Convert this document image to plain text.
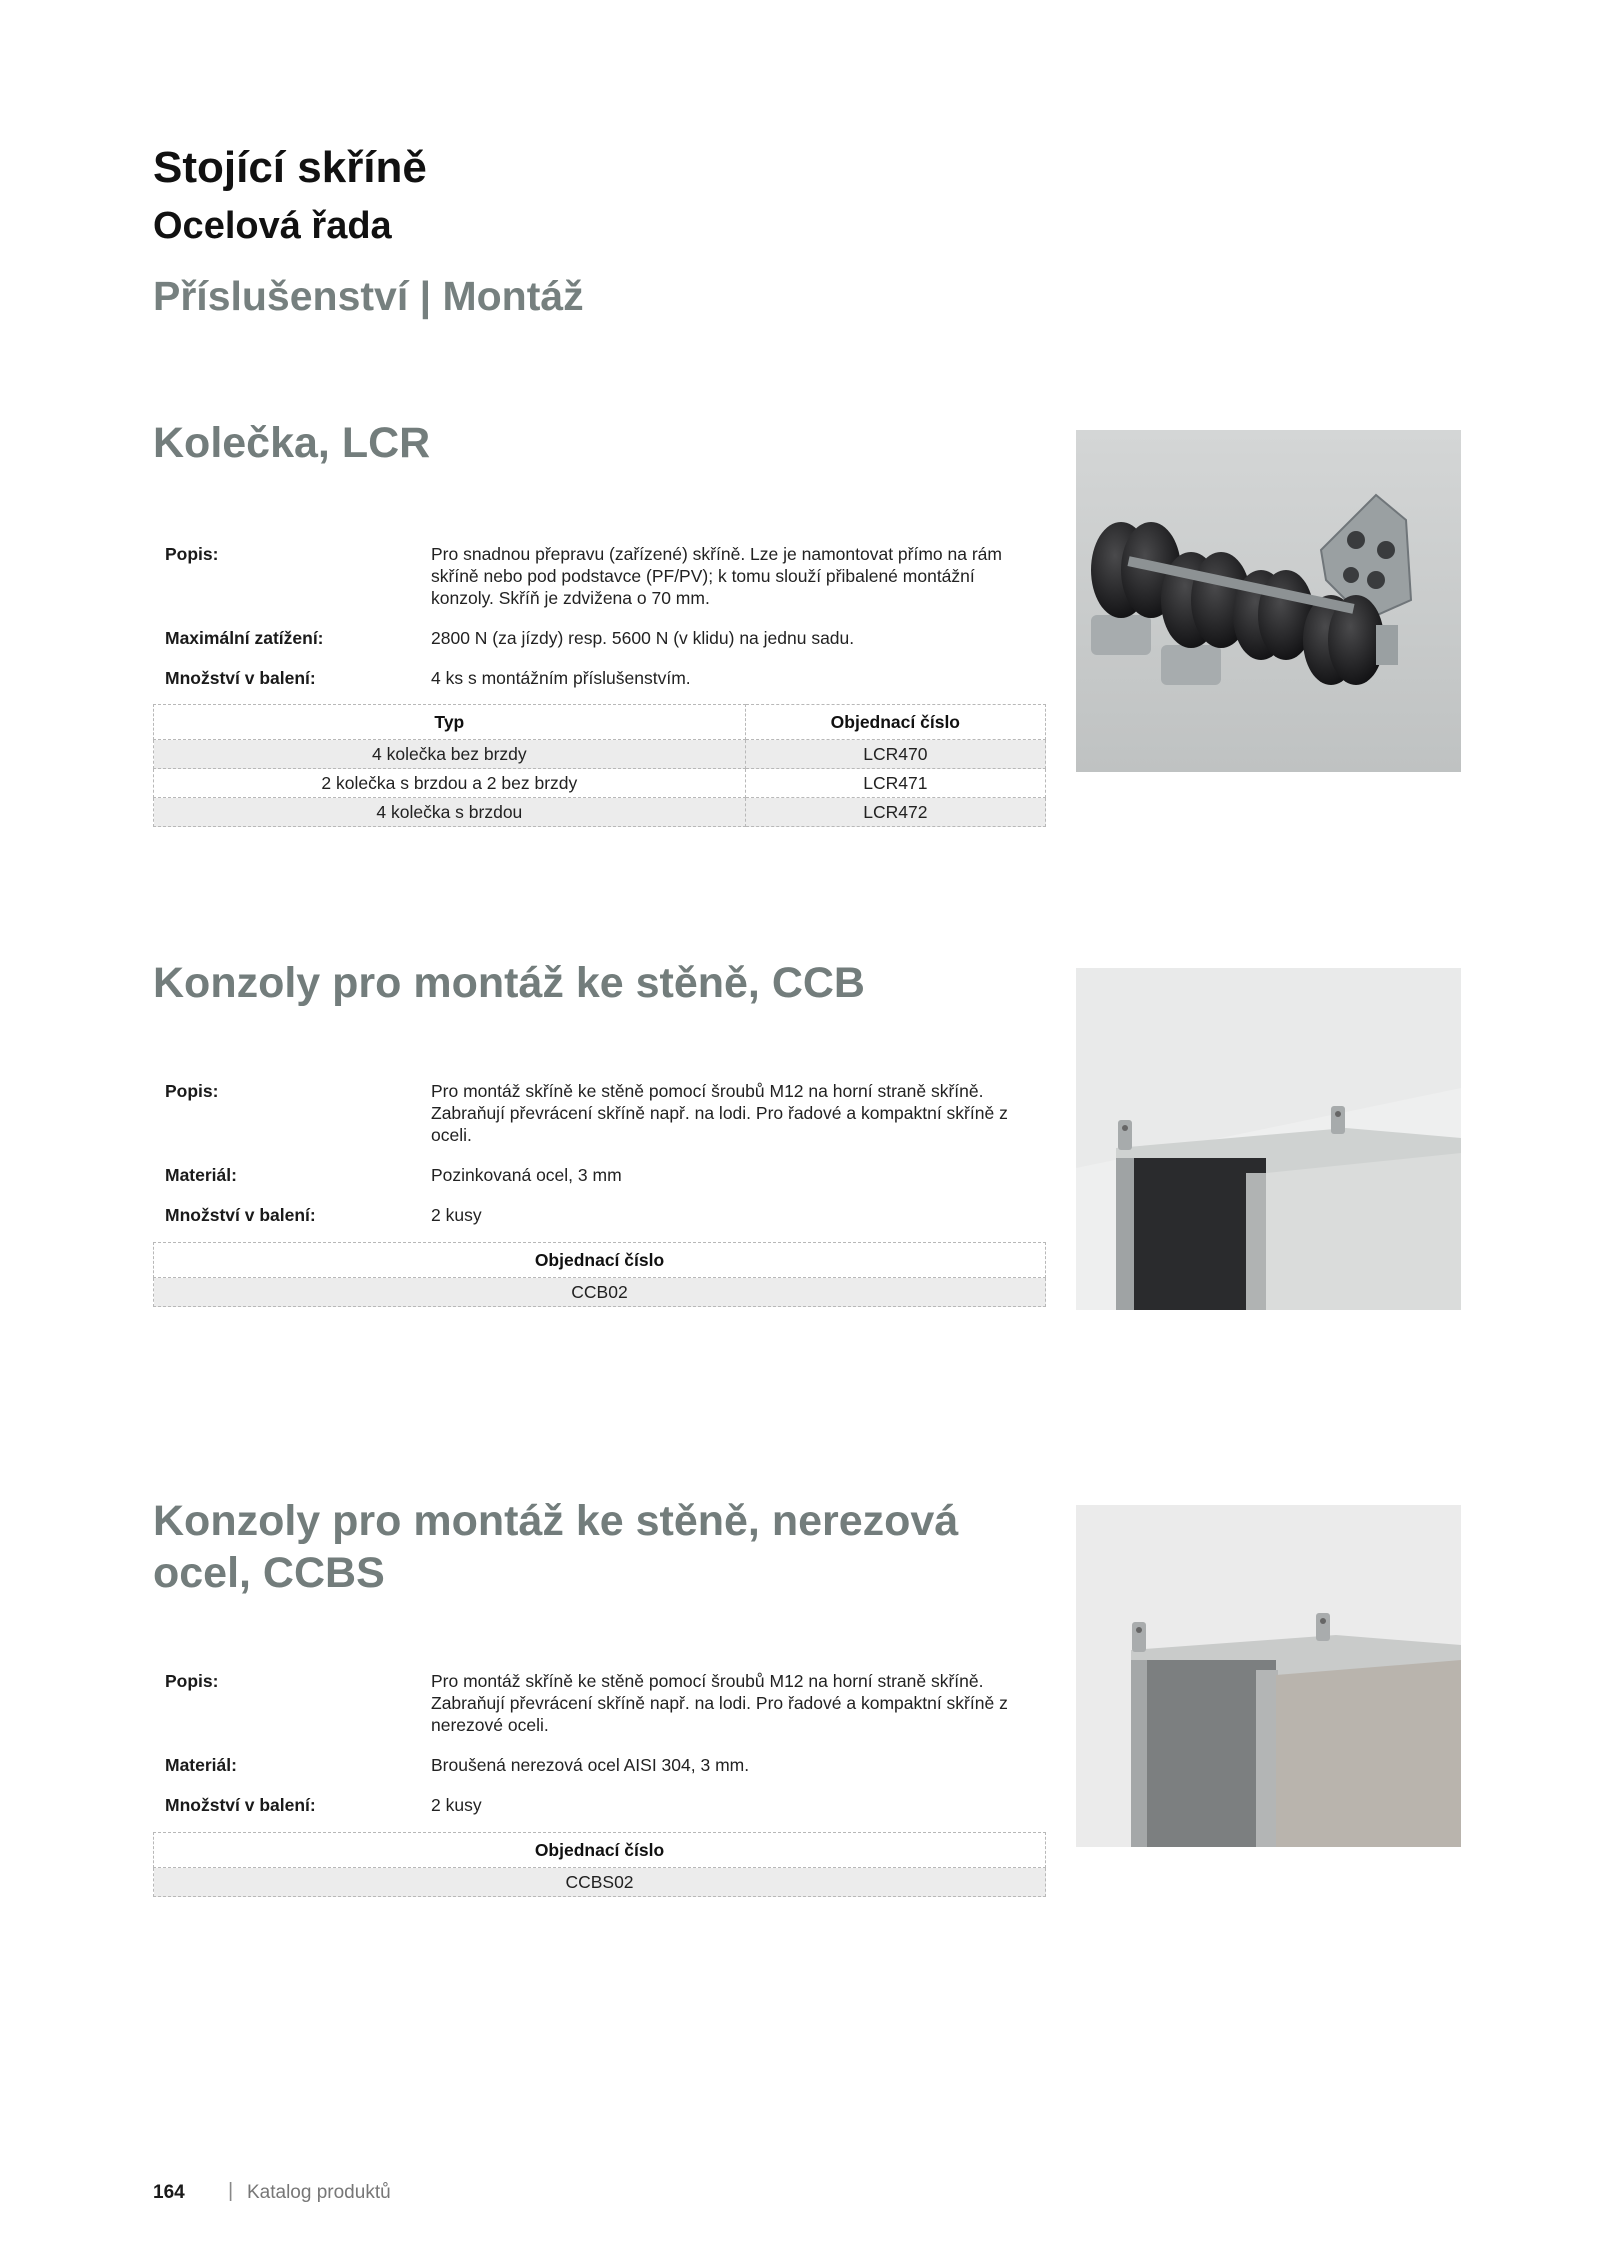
Stojící skříně
Ocelová řada
Příslušenství | Montáž
Kolečka, LCR
Popis:	Pro snadnou přepravu (zařízené) skříně. Lze je namontovat přímo na rám skříně nebo pod podstavce (PF/PV); k tomu slouží přibalené montážní konzoly. Skříň je zdvižena o 70 mm.
Maximální zatížení:	2800 N (za jízdy) resp. 5600 N (v klidu) na jednu sadu.
Množství v balení:	4 ks s montážním příslušenstvím.
Typ	Objednací číslo
4 kolečka bez brzdy	LCR470
2 kolečka s brzdou a 2 bez brzdy	LCR471
4 kolečka s brzdou	LCR472
Konzoly pro montáž ke stěně, CCB
Popis:	Pro montáž skříně ke stěně pomocí šroubů M12 na horní straně skříně. Zabraňují převrácení skříně např. na lodi. Pro řadové a kompaktní skříně z oceli.
Materiál:	Pozinkovaná ocel, 3 mm
Množství v balení:	2 kusy
Objednací číslo
CCB02
Konzoly pro montáž ke stěně, nerezová ocel, CCBS
Popis:	Pro montáž skříně ke stěně pomocí šroubů M12 na horní straně skříně. Zabraňují převrácení skříně např. na lodi. Pro řadové a kompaktní skříně z nerezové oceli.
Materiál:	Broušená nerezová ocel AISI 304, 3 mm.
Množství v balení:	2 kusy
Objednací číslo
CCBS02
164 | Katalog produktů
